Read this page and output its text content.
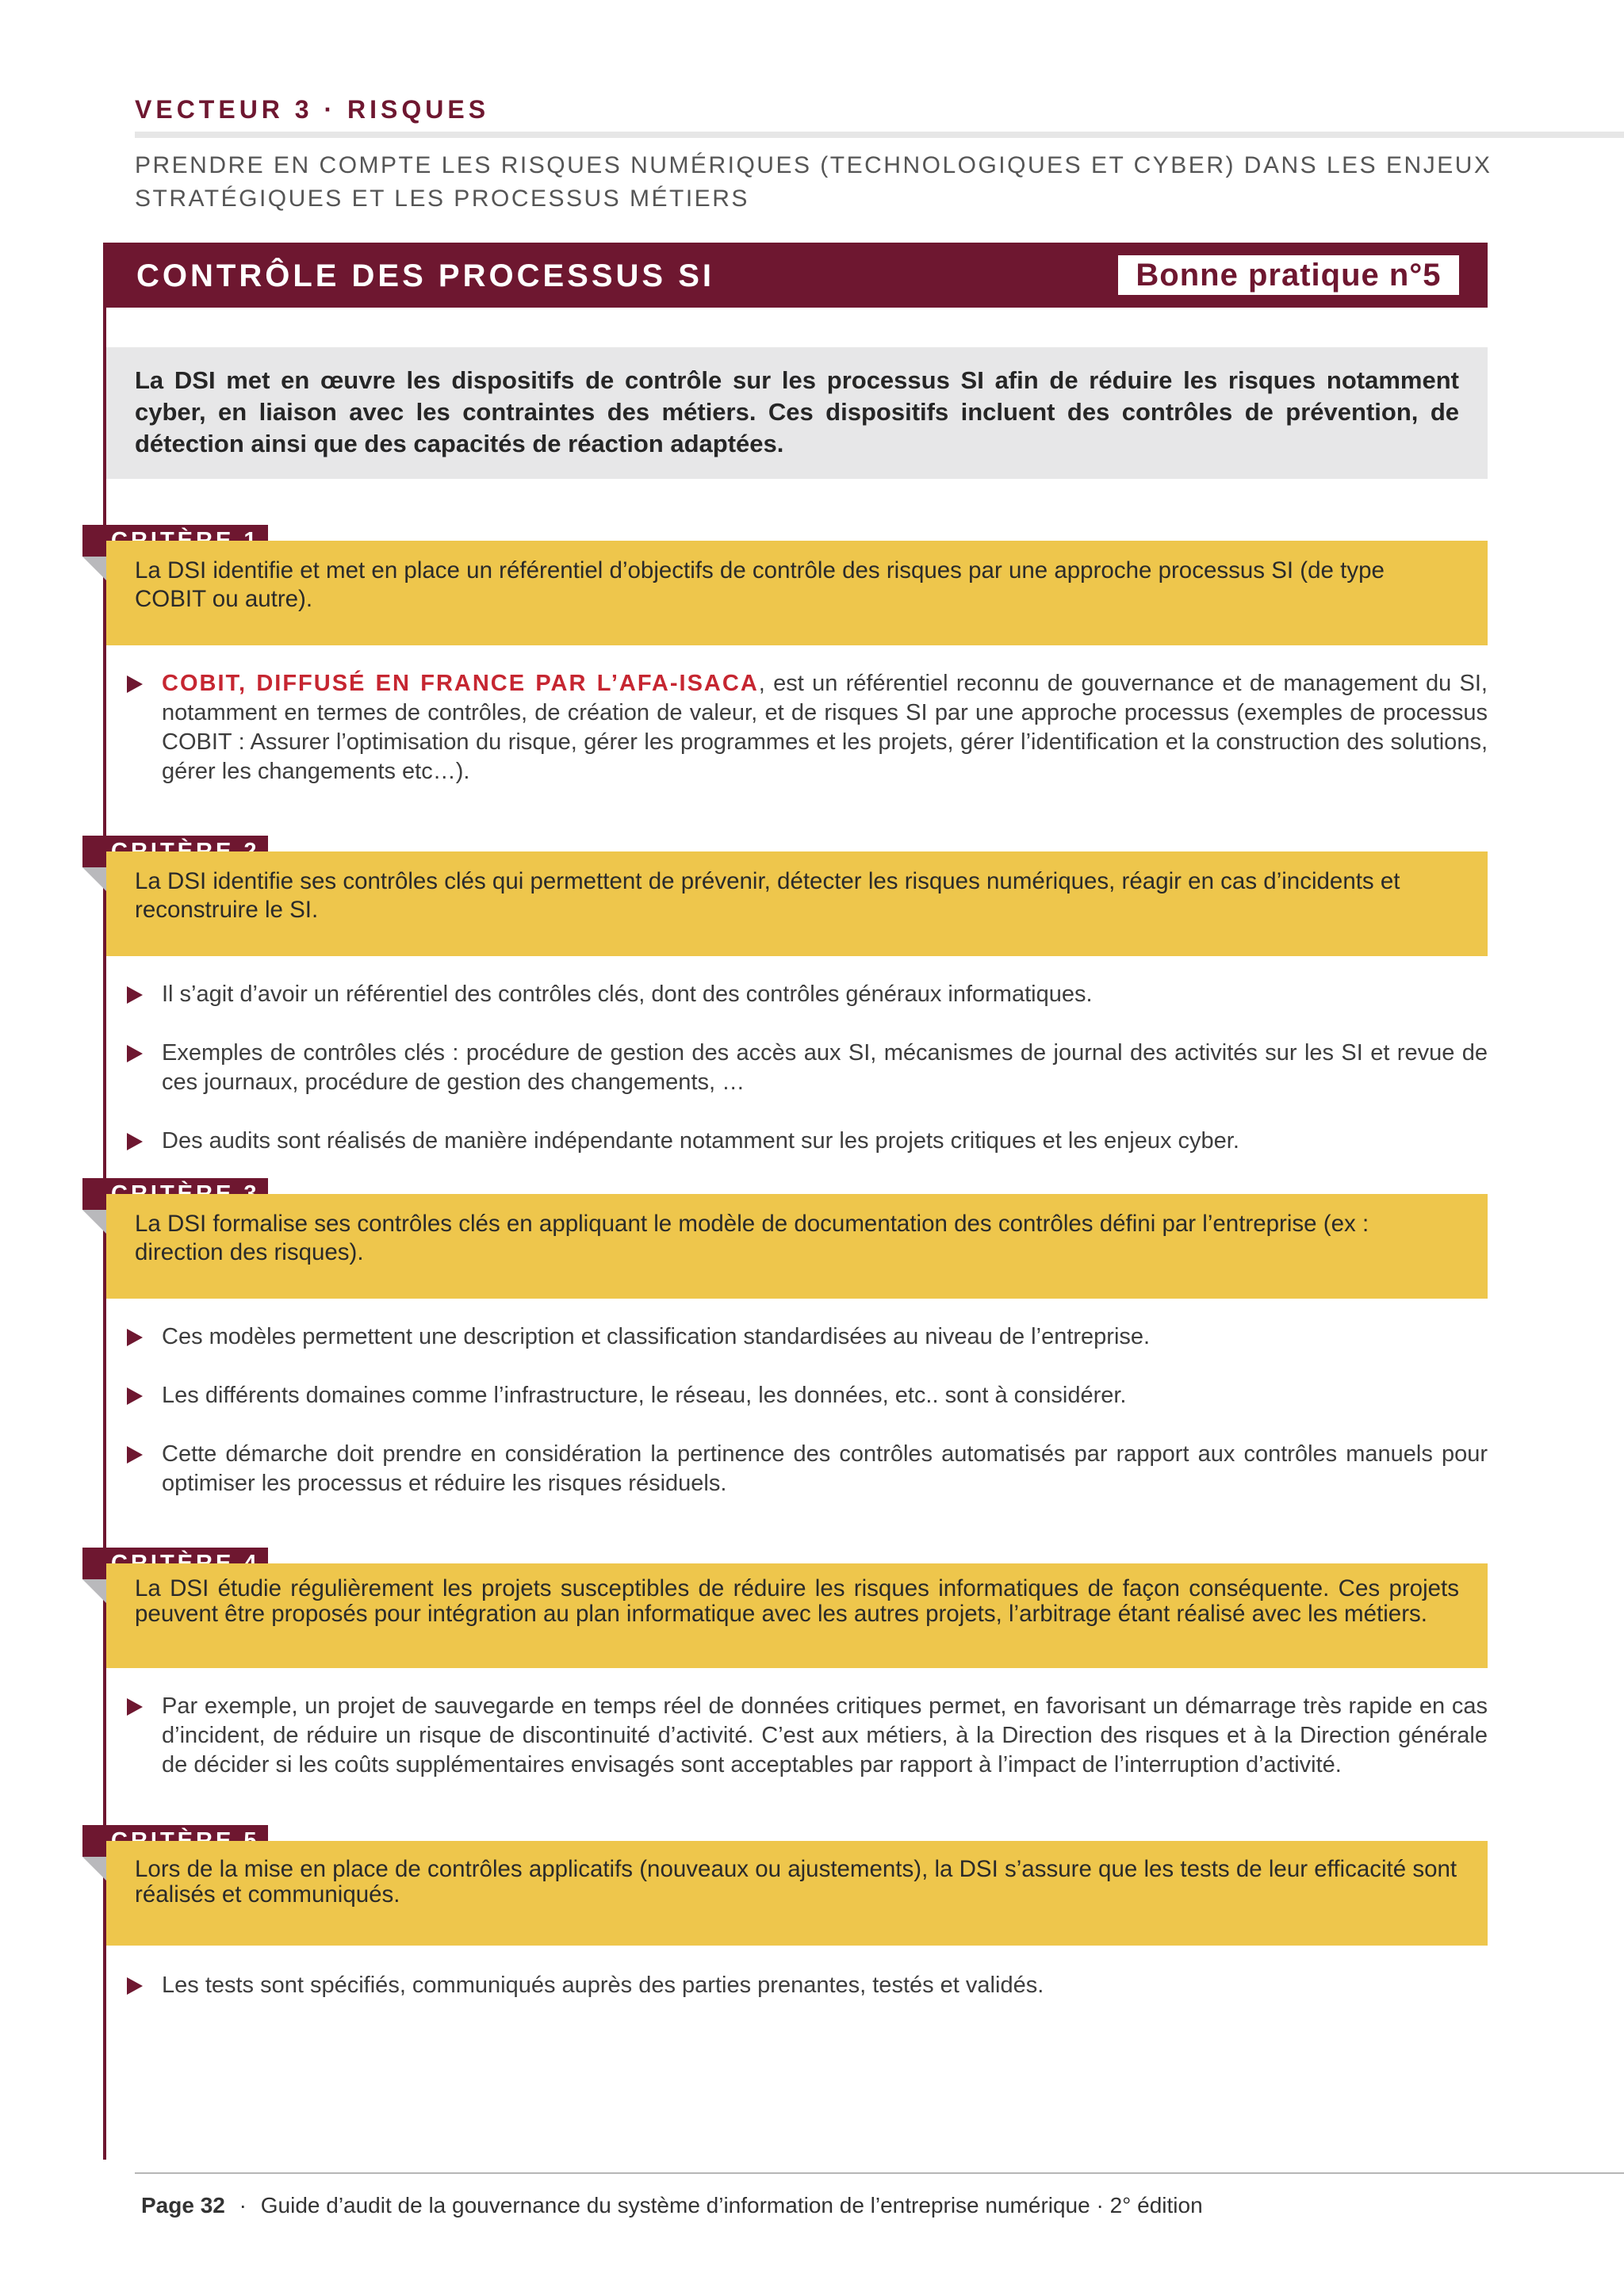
VECTEUR 3 · RISQUES
PRENDRE EN COMPTE LES RISQUES NUMÉRIQUES (TECHNOLOGIQUES ET CYBER) DANS LES ENJEUX STRATÉGIQUES ET LES PROCESSUS MÉTIERS
CONTRÔLE DES PROCESSUS SI	Bonne pratique n°5
La DSI met en œuvre les dispositifs de contrôle sur les processus SI afin de réduire les risques notamment cyber, en liaison avec les contraintes des métiers. Ces dispositifs incluent des contrôles de prévention, de détection ainsi que des capacités de réaction adaptées.
La DSI identifie et met en place un référentiel d’objectifs de contrôle des risques par une approche processus SI (de type COBIT ou autre).

COBIT, DIFFUSÉ EN FRANCE PAR L’AFA-ISACA, est un référentiel reconnu de gouvernance et de management du SI, notamment en termes de contrôles, de création de valeur, et de risques SI par une approche processus (exemples de processus COBIT : Assurer l’optimisation du risque, gérer les programmes et les projets, gérer l’identification et la construction des solutions, gérer les changements etc…).

La DSI identifie ses contrôles clés qui permettent de prévenir, détecter les risques numériques, réagir en cas d’incidents et reconstruire le SI.

Il s’agit d’avoir un référentiel des contrôles clés, dont des contrôles généraux informatiques.

Exemples de contrôles clés : procédure de gestion des accès aux SI, mécanismes de journal des activités sur les SI et revue de ces journaux, procédure de gestion des changements, …

Des audits sont réalisés de manière indépendante notamment sur les projets critiques et les enjeux cyber.

La DSI formalise ses contrôles clés en appliquant le modèle de documentation des contrôles défini par l’entreprise (ex : direction des risques).

Ces modèles permettent une description et classification standardisées au niveau de l’entreprise.

Les différents domaines comme l’infrastructure, le réseau, les données, etc.. sont à considérer.

Cette démarche doit prendre en considération la pertinence des contrôles automatisés par rapport aux contrôles manuels pour optimiser les processus et réduire les risques résiduels.

La DSI étudie régulièrement les projets susceptibles de réduire les risques informatiques de façon conséquente. Ces projets peuvent être proposés pour intégration au plan informatique avec les autres projets, l’arbitrage étant réalisé avec les métiers.

Par exemple, un projet de sauvegarde en temps réel de données critiques permet, en favorisant un démarrage très rapide en cas d’incident, de réduire un risque de discontinuité d’activité. C’est aux métiers, à la Direction des risques et à la Direction générale de décider si les coûts supplémentaires envisagés sont acceptables par rapport à l’impact de l’interruption d’activité.

Lors de la mise en place de contrôles applicatifs (nouveaux ou ajustements), la DSI s’assure que les tests de leur efficacité sont réalisés et communiqués.

Les tests sont spécifiés, communiqués auprès des parties prenantes, testés et validés.

Page 32 · Guide d’audit de la gouvernance du système d’information de l’entreprise numérique · 2° édition
